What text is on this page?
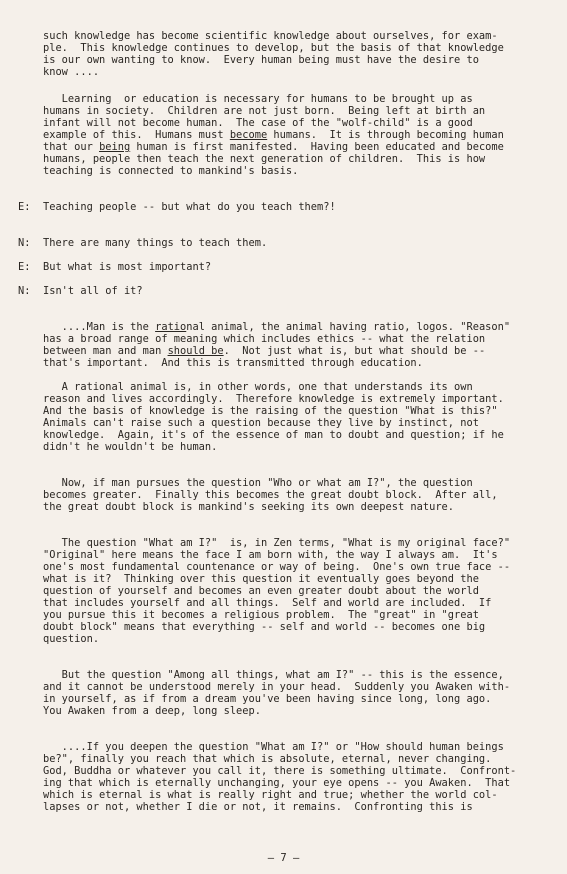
such knowledge has become scientific knowledge about ourselves, for exam-
ple.  This knowledge continues to develop, but the basis of that knowledge
is our own wanting to know.  Every human being must have the desire to
know ....
Learning  or education is necessary for humans to be brought up as
humans in society.  Children are not just born.  Being left at birth an
infant will not become human.  The case of the "wolf-child" is a good
example of this.  Humans must become humans.  It is through becoming human
that our being human is first manifested.  Having been educated and become
humans, people then teach the next generation of children.  This is how
teaching is connected to mankind's basis.
E: Teaching people -- but what do you teach them?!
N: There are many things to teach them.
E: But what is most important?
N: Isn't all of it?
....Man is the rational animal, the animal having ratio, logos. "Reason"
has a broad range of meaning which includes ethics -- what the relation
between man and man should be.  Not just what is, but what should be --
that's important.  And this is transmitted through education.
A rational animal is, in other words, one that understands its own
reason and lives accordingly.  Therefore knowledge is extremely important.
And the basis of knowledge is the raising of the question "What is this?"
Animals can't raise such a question because they live by instinct, not
knowledge.  Again, it's of the essence of man to doubt and question; if he
didn't he wouldn't be human.
Now, if man pursues the question "Who or what am I?", the question
becomes greater.  Finally this becomes the great doubt block.  After all,
the great doubt block is mankind's seeking its own deepest nature.
The question "What am I?"  is, in Zen terms, "What is my original face?"
"Original" here means the face I am born with, the way I always am.  It's
one's most fundamental countenance or way of being.  One's own true face --
what is it?  Thinking over this question it eventually goes beyond the
question of yourself and becomes an even greater doubt about the world
that includes yourself and all things.  Self and world are included.  If
you pursue this it becomes a religious problem.  The "great" in "great
doubt block" means that everything -- self and world -- becomes one big
question.
But the question "Among all things, what am I?" -- this is the essence,
and it cannot be understood merely in your head.  Suddenly you Awaken with-
in yourself, as if from a dream you've been having since long, long ago.
You Awaken from a deep, long sleep.
....If you deepen the question "What am I?" or "How should human beings
be?", finally you reach that which is absolute, eternal, never changing.
God, Buddha or whatever you call it, there is something ultimate.  Confront-
ing that which is eternally unchanging, your eye opens -- you Awaken.  That
which is eternal is what is really right and true; whether the world col-
lapses or not, whether I die or not, it remains.  Confronting this is
— 7 —
